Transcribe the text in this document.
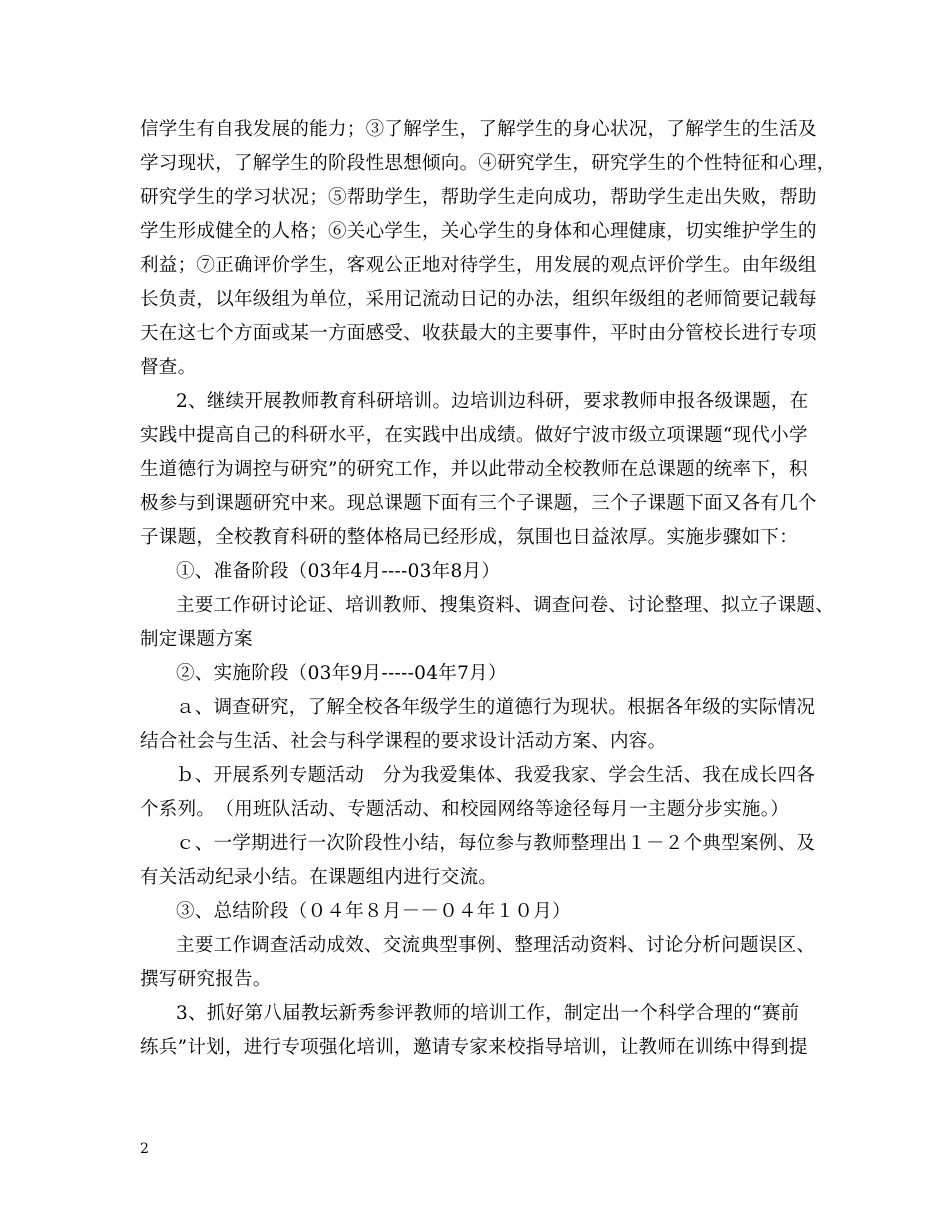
信学生有自我发展的能力；③了解学生，了解学生的身心状况，了解学生的生活及
学习现状，了解学生的阶段性思想倾向。④研究学生，研究学生的个性特征和心理，
研究学生的学习状况；⑤帮助学生，帮助学生走向成功，帮助学生走出失败，帮助
学生形成健全的人格；⑥关心学生，关心学生的身体和心理健康，切实维护学生的
利益；⑦正确评价学生，客观公正地对待学生，用发展的观点评价学生。由年级组
长负责，以年级组为单位，采用记流动日记的办法，组织年级组的老师简要记载每
天在这七个方面或某一方面感受、收获最大的主要事件，平时由分管校长进行专项
督查。
2、继续开展教师教育科研培训。边培训边科研，要求教师申报各级课题，在
实践中提高自己的科研水平，在实践中出成绩。做好宁波市级立项课题“现代小学
生道德行为调控与研究”的研究工作，并以此带动全校教师在总课题的统率下，积
极参与到课题研究中来。现总课题下面有三个子课题，三个子课题下面又各有几个
子课题，全校教育科研的整体格局已经形成，氛围也日益浓厚。实施步骤如下：
①、准备阶段（03年4月----03年8月）
主要工作研讨论证、培训教师、搜集资料、调查问卷、讨论整理、拟立子课题、
制定课题方案
②、实施阶段（03年9月-----04年7月）
ａ、调查研究，了解全校各年级学生的道德行为现状。根据各年级的实际情况
结合社会与生活、社会与科学课程的要求设计活动方案、内容。
ｂ、开展系列专题活动　分为我爱集体、我爱我家、学会生活、我在成长四各
个系列。　（用班队活动、专题活动、和校园网络等途径每月一主题分步实施。）
ｃ、一学期进行一次阶段性小结，每位参与教师整理出１－２个典型案例、及
有关活动纪录小结。在课题组内进行交流。
③、总结阶段（０４年８月－－０４年１０月）
主要工作调查活动成效、交流典型事例、整理活动资料、讨论分析问题误区、
撰写研究报告。
3、抓好第八届教坛新秀参评教师的培训工作，制定出一个科学合理的“赛前
练兵”计划，进行专项强化培训，邀请专家来校指导培训，让教师在训练中得到提
2
